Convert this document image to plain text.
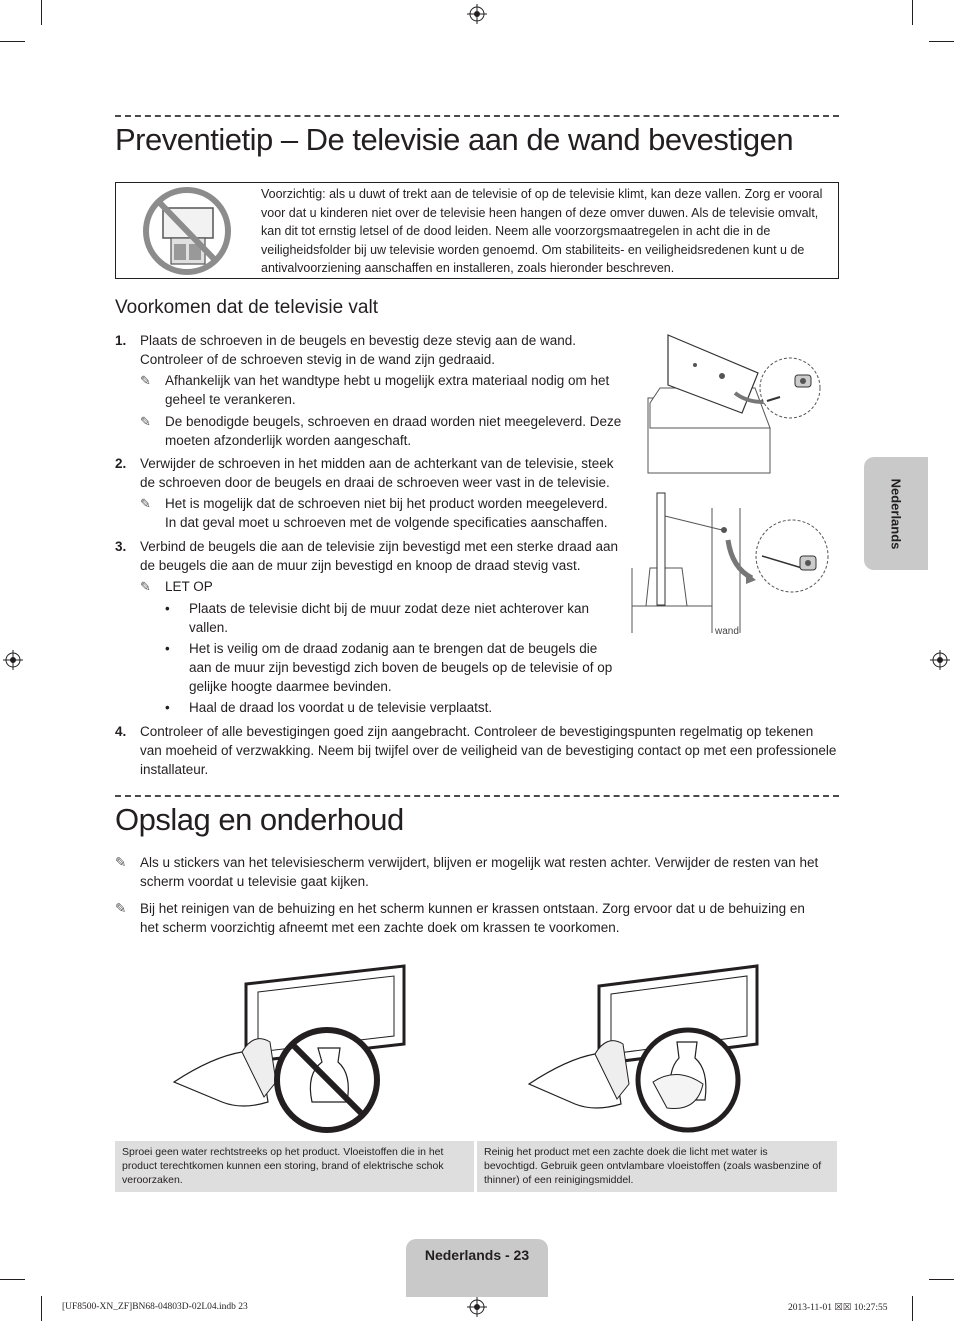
Preventietip – De televisie aan de wand bevestigen
Voorzichtig: als u duwt of trekt aan de televisie of op de televisie klimt, kan deze vallen. Zorg er vooral voor dat u kinderen niet over de televisie heen hangen of deze omver duwen. Als de televisie omvalt, kan dit tot ernstig letsel of de dood leiden. Neem alle voorzorgsmaatregelen in acht die in de veiligheidsfolder bij uw televisie worden genoemd. Om stabiliteits- en veiligheidsredenen kunt u de antivalvoorziening aanschaffen en installeren, zoals hieronder beschreven.
Voorkomen dat de televisie valt
1. Plaats de schroeven in de beugels en bevestig deze stevig aan de wand.
Controleer of de schroeven stevig in de wand zijn gedraaid.
✎ Afhankelijk van het wandtype hebt u mogelijk extra materiaal nodig om het
geheel te verankeren.
✎ De benodigde beugels, schroeven en draad worden niet meegeleverd. Deze
moeten afzonderlijk worden aangeschaft.
2. Verwijder de schroeven in het midden aan de achterkant van de televisie, steek
de schroeven door de beugels en draai de schroeven weer vast in de televisie.
✎ Het is mogelijk dat de schroeven niet bij het product worden meegeleverd.
In dat geval moet u schroeven met de volgende specificaties aanschaffen.
3. Verbind de beugels die aan de televisie zijn bevestigd met een sterke draad aan
de beugels die aan de muur zijn bevestigd en knoop de draad stevig vast.
✎ LET OP
• Plaats de televisie dicht bij de muur zodat deze niet achterover kan
vallen.
• Het is veilig om de draad zodanig aan te brengen dat de beugels die
aan de muur zijn bevestigd zich boven de beugels op de televisie of op
gelijke hoogte daarmee bevinden.
• Haal de draad los voordat u de televisie verplaatst.
4. Controleer of alle bevestigingen goed zijn aangebracht. Controleer de bevestigingspunten regelmatig op tekenen
van moeheid of verzwakking. Neem bij twijfel over de veiligheid van de bevestiging contact op met een professionele
installateur.
wand
Opslag en onderhoud
✎ Als u stickers van het televisiescherm verwijdert, blijven er mogelijk wat resten achter. Verwijder de resten van het
scherm voordat u televisie gaat kijken.
✎ Bij het reinigen van de behuizing en het scherm kunnen er krassen ontstaan. Zorg ervoor dat u de behuizing en
het scherm voorzichtig afneemt met een zachte doek om krassen te voorkomen.
Sproei geen water rechtstreeks op het product. Vloeistoffen die in het
product terechtkomen kunnen een storing, brand of elektrische schok
veroorzaken.
Reinig het product met een zachte doek die licht met water is
bevochtigd. Gebruik geen ontvlambare vloeistoffen (zoals wasbenzine of
thinner) of een reinigingsmiddel.
Nederlands
Nederlands - 23
[UF8500-XN_ZF]BN68-04803D-02L04.indb 23	2013-11-01 ☒☒ 10:27:55
